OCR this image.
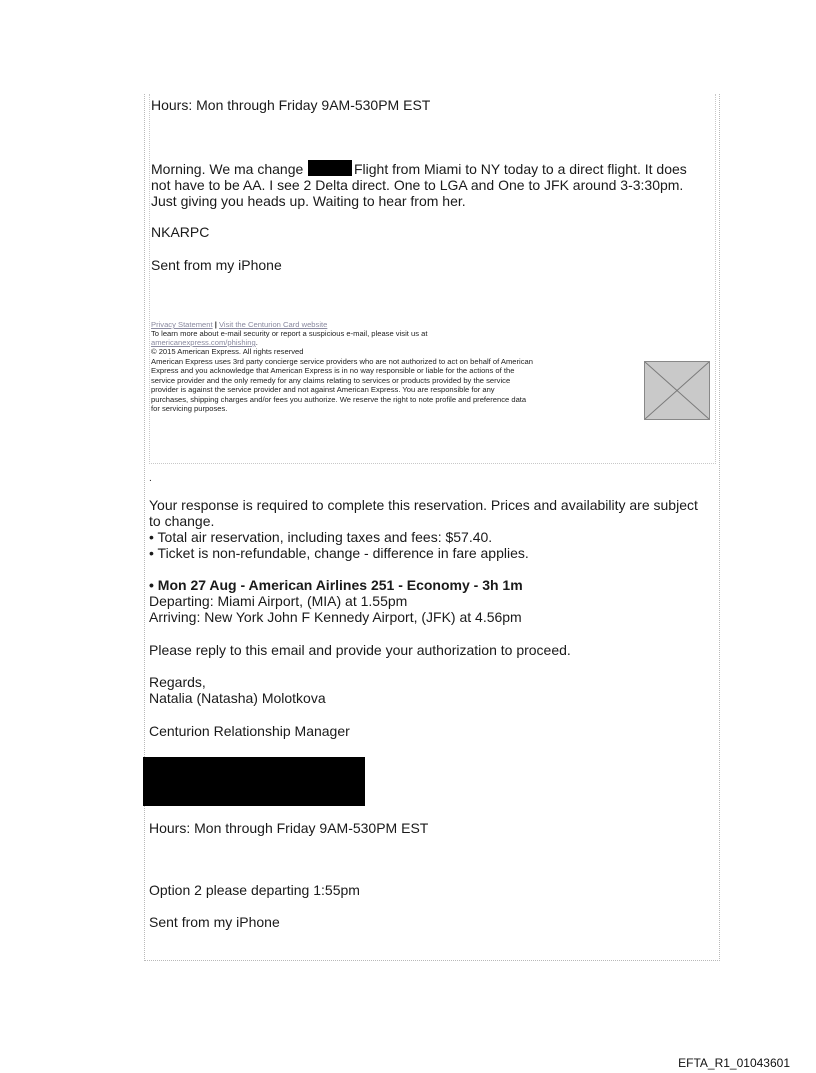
Hours: Mon through Friday 9AM-530PM EST
Morning. We ma change	Flight from Miami to NY today to a direct flight. It does
not have to be AA. I see 2 Delta direct. One to LGA and One to JFK around 3-3:30pm.
Just giving you heads up. Waiting to hear from her.
NKARPC
Sent from my iPhone
Privacy Statement | Visit the Centurion Card website
To learn more about e-mail security or report a suspicious e-mail, please visit us at
americanexpress.com/phishing.
© 2015 American Express. All rights reserved
American Express uses 3rd party concierge service providers who are not authorized to act on behalf of American
Express and you acknowledge that American Express is in no way responsible or liable for the actions of the
service provider and the only remedy for any claims relating to services or products provided by the service
provider is against the service provider and not against American Express. You are responsible for any
purchases, shipping charges and/or fees you authorize. We reserve the right to note profile and preference data
for servicing purposes.
.
Your response is required to complete this reservation. Prices and availability are subject
to change.
• Total air reservation, including taxes and fees: $57.40.
• Ticket is non-refundable, change - difference in fare applies.
• Mon 27 Aug - American Airlines 251 - Economy - 3h 1m
Departing: Miami Airport, (MIA) at 1.55pm
Arriving: New York John F Kennedy Airport, (JFK) at 4.56pm
Please reply to this email and provide your authorization to proceed.
Regards,
Natalia (Natasha) Molotkova
Centurion Relationship Manager
Hours: Mon through Friday 9AM-530PM EST
Option 2 please departing 1:55pm
Sent from my iPhone
EFTA_R1_01043601
